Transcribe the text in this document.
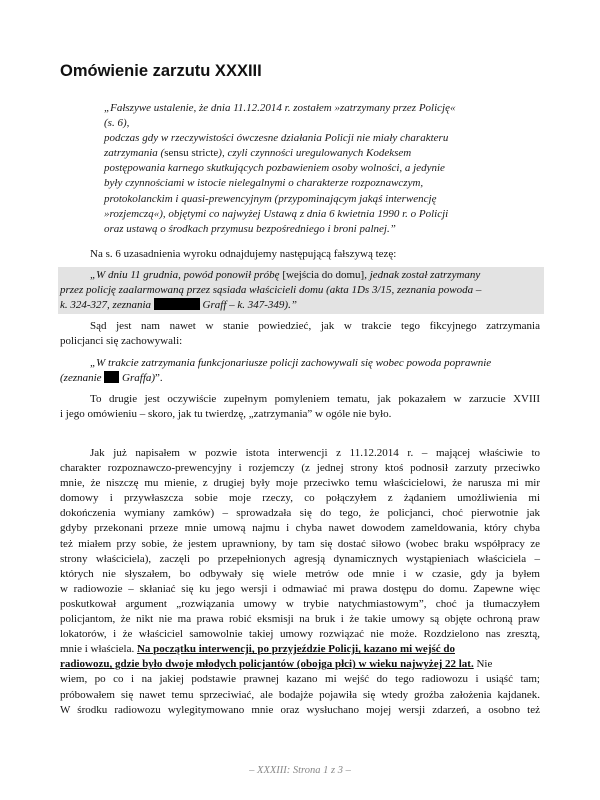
Omówienie zarzutu XXXIII
„Fałszywe ustalenie, że dnia 11.12.2014 r. zostałem »zatrzymany przez Policję«
(s. 6),
podczas gdy w rzeczywistości ówczesne działania Policji nie miały charakteru
zatrzymania (sensu stricte), czyli czynności uregulowanych Kodeksem
postępowania karnego skutkujących pozbawieniem osoby wolności, a jedynie
były czynnościami w istocie nielegalnymi o charakterze rozpoznawczym,
protokolanckim i quasi-prewencyjnym (przypominającym jakąś interwencję
»rozjemczą«), objętymi co najwyżej Ustawą z dnia 6 kwietnia 1990 r. o Policji
oraz ustawą o środkach przymusu bezpośredniego i broni palnej.”
Na s. 6 uzasadnienia wyroku odnajdujemy następującą fałszywą tezę:
„W dniu 11 grudnia, powód ponowił próbę [wejścia do domu], jednak został zatrzymany
przez policję zaalarmowaną przez sąsiada właścicieli domu (akta 1Ds 3/15, zeznania powoda –
k. 324-327, zeznania	Graff – k. 347-349).”
Sąd jest nam nawet w stanie powiedzieć, jak w trakcie tego fikcyjnego zatrzymania
policjanci się zachowywali:
„W trakcie zatrzymania funkcjonariusze policji zachowywali się wobec powoda poprawnie
(zeznanie  Graffa)”.
To drugie jest oczywiście zupełnym pomyleniem tematu, jak pokazałem w zarzucie XVIII
i jego omówieniu – skoro, jak tu twierdzę, „zatrzymania” w ogóle nie było.
Jak już napisałem w pozwie istota interwencji z 11.12.2014 r. – mającej właściwie to
charakter rozpoznawczo-prewencyjny i rozjemczy (z jednej strony ktoś podnosił zarzuty przeciwko
mnie, że niszczę mu mienie, z drugiej były moje przeciwko temu właścicielowi, że narusza mi mir
domowy i przywłaszcza sobie moje rzeczy, co połączyłem z żądaniem umożliwienia mi
dokończenia wymiany zamków) – sprowadzała się do tego, że policjanci, choć pierwotnie jak
gdyby przekonani przeze mnie umową najmu i chyba nawet dowodem zameldowania, który chyba
też miałem przy sobie, że jestem uprawniony, by tam się dostać siłowo (wobec braku współpracy ze
strony właściciela), zaczęli po przepełnionych agresją dynamicznych wystąpieniach właściciela –
których nie słyszałem, bo odbywały się wiele metrów ode mnie i w czasie, gdy ja byłem
w radiowozie – skłaniać się ku jego wersji i odmawiać mi prawa dostępu do domu. Zapewne więc
poskutkował argument „rozwiązania umowy w trybie natychmiastowym”, choć ja tłumaczyłem
policjantom, że nikt nie ma prawa robić eksmisji na bruk i że takie umowy są objęte ochroną praw
lokatorów, i że właściciel samowolnie takiej umowy rozwiązać nie może. Rozdzielono nas zresztą,
mnie i właściela. Na początku interwencji, po przyjeździe Policji, kazano mi wejść do
radiowozu, gdzie było dwoje młodych policjantów (obojga płci) w wieku najwyżej 22 lat. Nie
wiem, po co i na jakiej podstawie prawnej kazano mi wejść do tego radiowozu i usiąść tam;
próbowałem się nawet temu sprzeciwiać, ale bodajże pojawiła się wtedy groźba założenia kajdanek.
W środku radiowozu wylegitymowano mnie oraz wysłuchano mojej wersji zdarzeń, a osobno też
– XXXIII: Strona 1 z 3 –
